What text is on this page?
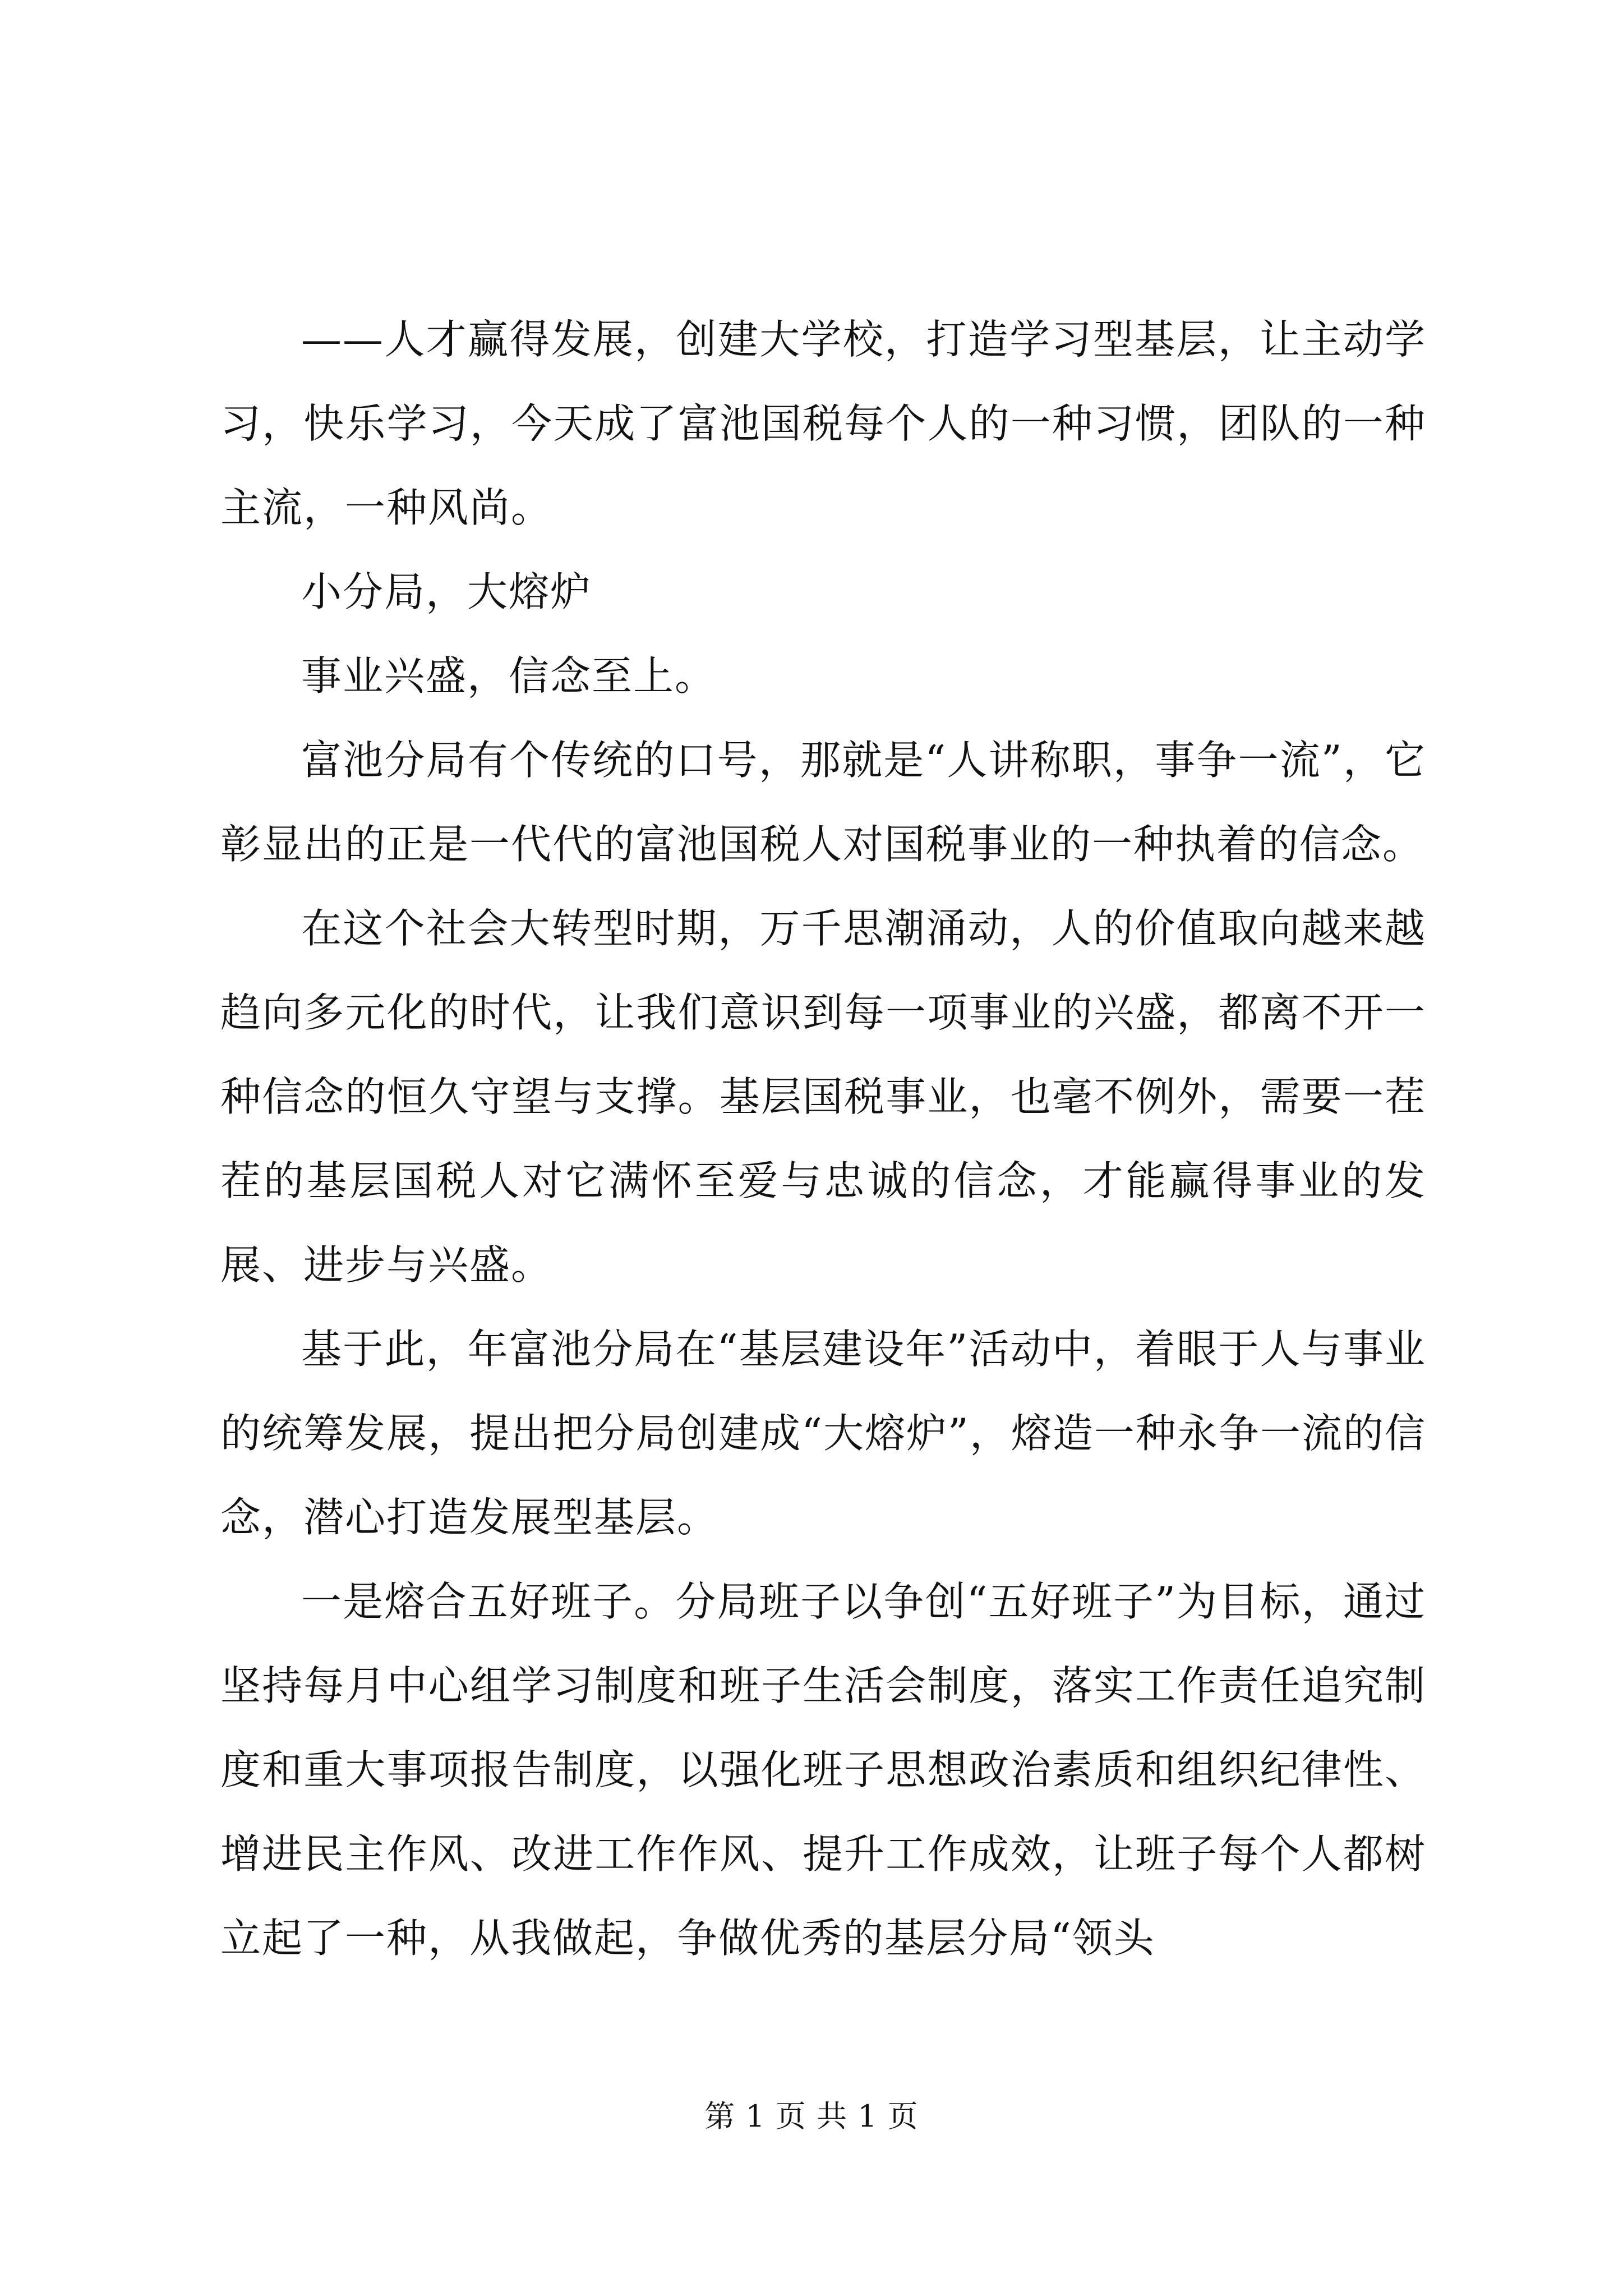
——人才赢得发展，创建大学校，打造学习型基层，让主动学习，快乐学习，今天成了富池国税每个人的一种习惯，团队的一种主流，一种风尚。

小分局，大熔炉

事业兴盛，信念至上。

富池分局有个传统的口号，那就是“人讲称职，事争一流”，它彰显出的正是一代代的富池国税人对国税事业的一种执着的信念。

在这个社会大转型时期，万千思潮涌动，人的价值取向越来越趋向多元化的时代，让我们意识到每一项事业的兴盛，都离不开一种信念的恒久守望与支撑。基层国税事业，也毫不例外，需要一茬茬的基层国税人对它满怀至爱与忠诚的信念，才能赢得事业的发展、进步与兴盛。

基于此，年富池分局在“基层建设年”活动中，着眼于人与事业的统筹发展，提出把分局创建成“大熔炉”，熔造一种永争一流的信念，潜心打造发展型基层。

一是熔合五好班子。分局班子以争创“五好班子”为目标，通过坚持每月中心组学习制度和班子生活会制度，落实工作责任追究制度和重大事项报告制度，以强化班子思想政治素质和组织纪律性、增进民主作风、改进工作作风、提升工作成效，让班子每个人都树立起了一种，从我做起，争做优秀的基层分局“领头

第 1 页 共 1 页
